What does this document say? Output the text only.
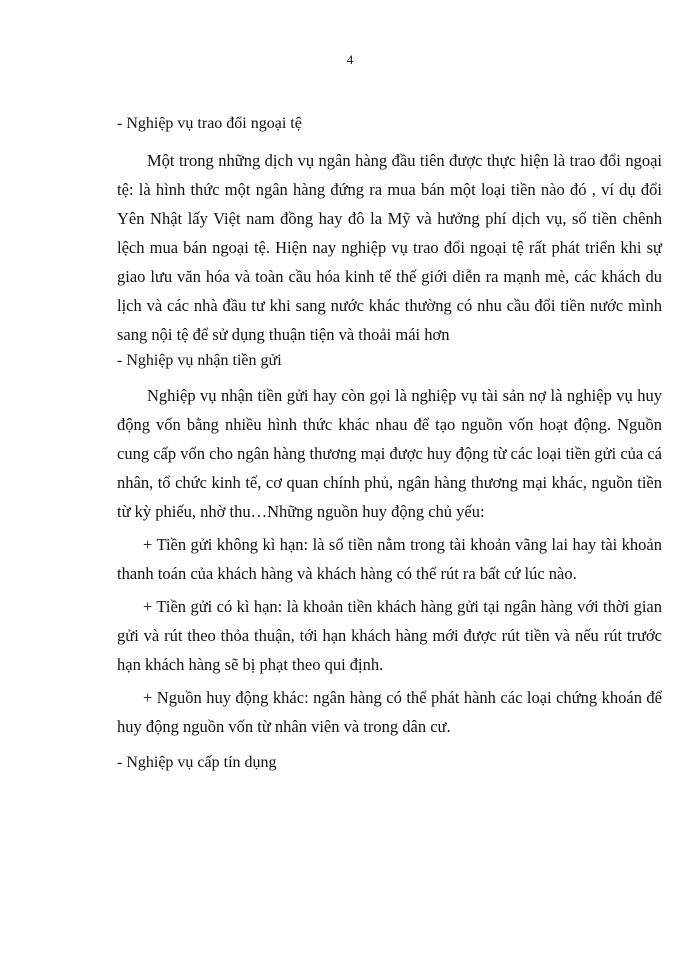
4

- Nghiệp vụ trao đổi ngoại tệ

Một trong những dịch vụ ngân hàng đầu tiên được thực hiện là trao đổi ngoại tệ: là hình thức một ngân hàng đứng ra mua bán một loại tiền nào đó , ví dụ đổi Yên Nhật lấy Việt nam đồng hay đô la Mỹ và hưởng phí dịch vụ, số tiền chênh lệch mua bán ngoại tệ. Hiện nay nghiệp vụ trao đổi ngoại tệ rất phát triển khi sự giao lưu văn hóa và toàn cầu hóa kinh tế thế giới diễn ra mạnh mè, các khách du lịch và các nhà đầu tư khi sang nước khác thường có nhu cầu đổi tiền nước mình sang nội tệ để sử dụng thuận tiện và thoải mái hơn

- Nghiệp vụ nhận tiền gửi

Nghiệp vụ nhận tiền gửi hay còn gọi là nghiệp vụ tài sản nợ là nghiệp vụ huy động vốn bằng nhiều hình thức khác nhau để tạo nguồn vốn hoạt động. Nguồn cung cấp vốn cho ngân hàng thương mại được huy động từ các loại tiền gửi của cá nhân, tổ chức kinh tế, cơ quan chính phủ, ngân hàng thương mại khác, nguồn tiền từ kỳ phiếu, nhờ thu…Những nguồn huy động chủ yếu:

+ Tiền gửi không kì hạn: là số tiền nằm trong tài khoản vãng lai hay tài khoản thanh toán của khách hàng và khách hàng có thể rút ra bất cứ lúc nào.

+ Tiền gửi có kì hạn: là khoản tiền khách hàng gửi tại ngân hàng với thời gian gửi và rút theo thỏa thuận, tới hạn khách hàng mới được rút tiền và nếu rút trước hạn khách hàng sẽ bị phạt theo qui định.

+ Nguồn huy động khác: ngân hàng có thể phát hành các loại chứng khoán để huy động nguồn vốn từ nhân viên và trong dân cư.

- Nghiệp vụ cấp tín dụng
